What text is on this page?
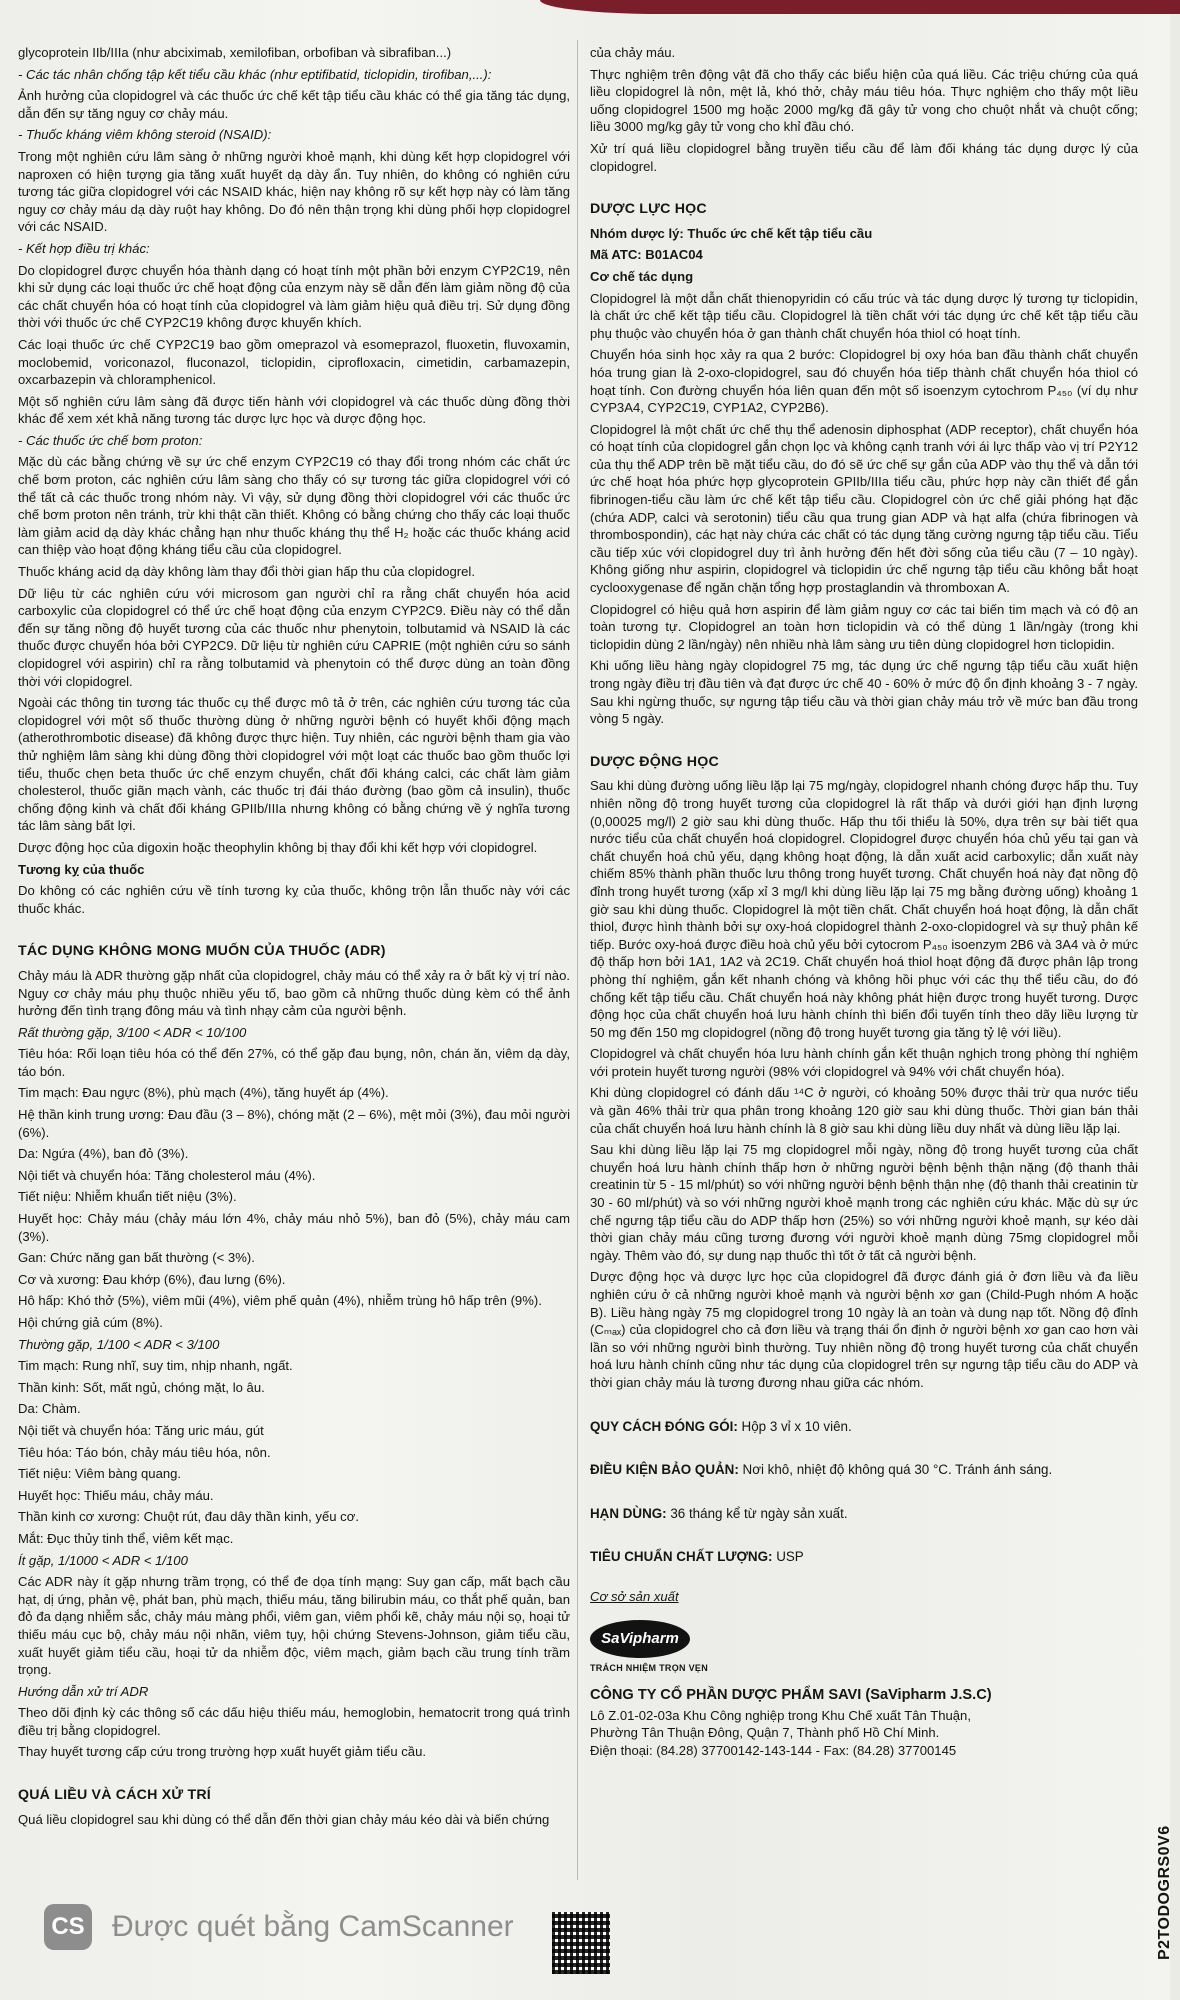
glycoprotein IIb/IIIa (như abciximab, xemilofiban, orbofiban và sibrafiban...)

- Các tác nhân chống tập kết tiểu cầu khác (như eptifibatid, ticlopidin, tirofiban,...):

Ảnh hưởng của clopidogrel và các thuốc ức chế kết tập tiểu cầu khác có thể gia tăng tác dụng, dẫn đến sự tăng nguy cơ chảy máu.

- Thuốc kháng viêm không steroid (NSAID):

Trong một nghiên cứu lâm sàng ở những người khoẻ mạnh, khi dùng kết hợp clopidogrel với naproxen có hiện tượng gia tăng xuất huyết dạ dày ẩn. Tuy nhiên, do không có nghiên cứu tương tác giữa clopidogrel với các NSAID khác, hiện nay không rõ sự kết hợp này có làm tăng nguy cơ chảy máu dạ dày ruột hay không. Do đó nên thận trọng khi dùng phối hợp clopidogrel với các NSAID.

- Kết hợp điều trị khác:

Do clopidogrel được chuyển hóa thành dạng có hoạt tính một phần bởi enzym CYP2C19, nên khi sử dụng các loại thuốc ức chế hoạt động của enzym này sẽ dẫn đến làm giảm nồng độ của các chất chuyển hóa có hoạt tính của clopidogrel và làm giảm hiệu quả điều trị. Sử dụng đồng thời với thuốc ức chế CYP2C19 không được khuyến khích.

Các loại thuốc ức chế CYP2C19 bao gồm omeprazol và esomeprazol, fluoxetin, fluvoxamin, moclobemid, voriconazol, fluconazol, ticlopidin, ciprofloxacin, cimetidin, carbamazepin, oxcarbazepin và chloramphenicol.

Một số nghiên cứu lâm sàng đã được tiến hành với clopidogrel và các thuốc dùng đồng thời khác để xem xét khả năng tương tác dược lực học và dược động học.

- Các thuốc ức chế bơm proton:

Mặc dù các bằng chứng về sự ức chế enzym CYP2C19 có thay đổi trong nhóm các chất ức chế bơm proton, các nghiên cứu lâm sàng cho thấy có sự tương tác giữa clopidogrel với có thể tất cả các thuốc trong nhóm này. Vì vậy, sử dụng đồng thời clopidogrel với các thuốc ức chế bơm proton nên tránh, trừ khi thật cần thiết. Không có bằng chứng cho thấy các loại thuốc làm giảm acid dạ dày khác chẳng hạn như thuốc kháng thụ thể H₂ hoặc các thuốc kháng acid can thiệp vào hoạt động kháng tiểu cầu của clopidogrel.

Thuốc kháng acid dạ dày không làm thay đổi thời gian hấp thu của clopidogrel.

Dữ liệu từ các nghiên cứu với microsom gan người chỉ ra rằng chất chuyển hóa acid carboxylic của clopidogrel có thể ức chế hoạt động của enzym CYP2C9. Điều này có thể dẫn đến sự tăng nồng độ huyết tương của các thuốc như phenytoin, tolbutamid và NSAID là các thuốc được chuyển hóa bởi CYP2C9. Dữ liệu từ nghiên cứu CAPRIE (một nghiên cứu so sánh clopidogrel với aspirin) chỉ ra rằng tolbutamid và phenytoin có thể được dùng an toàn đồng thời với clopidogrel.

Ngoài các thông tin tương tác thuốc cụ thể được mô tả ở trên, các nghiên cứu tương tác của clopidogrel với một số thuốc thường dùng ở những người bệnh có huyết khối động mạch (atherothrombotic disease) đã không được thực hiện. Tuy nhiên, các người bệnh tham gia vào thử nghiệm lâm sàng khi dùng đồng thời clopidogrel với một loạt các thuốc bao gồm thuốc lợi tiểu, thuốc chẹn beta thuốc ức chế enzym chuyển, chất đối kháng calci, các chất làm giảm cholesterol, thuốc giãn mạch vành, các thuốc trị đái tháo đường (bao gồm cả insulin), thuốc chống động kinh và chất đối kháng GPIIb/IIIa nhưng không có bằng chứng về ý nghĩa tương tác lâm sàng bất lợi.

Dược động học của digoxin hoặc theophylin không bị thay đổi khi kết hợp với clopidogrel.

Tương kỵ của thuốc

Do không có các nghiên cứu về tính tương kỵ của thuốc, không trộn lẫn thuốc này với các thuốc khác.

TÁC DỤNG KHÔNG MONG MUỐN CỦA THUỐC (ADR)

Chảy máu là ADR thường gặp nhất của clopidogrel, chảy máu có thể xảy ra ở bất kỳ vị trí nào. Nguy cơ chảy máu phụ thuộc nhiều yếu tố, bao gồm cả những thuốc dùng kèm có thể ảnh hưởng đến tình trạng đông máu và tình nhạy cảm của người bệnh.

Rất thường gặp, 3/100 < ADR < 10/100

Tiêu hóa: Rối loạn tiêu hóa có thể đến 27%, có thể gặp đau bụng, nôn, chán ăn, viêm dạ dày, táo bón.

Tim mạch: Đau ngực (8%), phù mạch (4%), tăng huyết áp (4%).

Hệ thần kinh trung ương: Đau đầu (3 – 8%), chóng mặt (2 – 6%), mệt mỏi (3%), đau mỏi người (6%).

Da: Ngứa (4%), ban đỏ (3%).

Nội tiết và chuyển hóa: Tăng cholesterol máu (4%).

Tiết niệu: Nhiễm khuẩn tiết niệu (3%).

Huyết học: Chảy máu (chảy máu lớn 4%, chảy máu nhỏ 5%), ban đỏ (5%), chảy máu cam (3%).

Gan: Chức năng gan bất thường (< 3%).

Cơ và xương: Đau khớp (6%), đau lưng (6%).

Hô hấp: Khó thở (5%), viêm mũi (4%), viêm phế quản (4%), nhiễm trùng hô hấp trên (9%).

Hội chứng giả cúm (8%).

Thường gặp, 1/100 < ADR < 3/100

Tim mạch: Rung nhĩ, suy tim, nhịp nhanh, ngất.

Thần kinh: Sốt, mất ngủ, chóng mặt, lo âu.

Da: Chàm.

Nội tiết và chuyển hóa: Tăng uric máu, gút

Tiêu hóa: Táo bón, chảy máu tiêu hóa, nôn.

Tiết niệu: Viêm bàng quang.

Huyết học: Thiếu máu, chảy máu.

Thần kinh cơ xương: Chuột rút, đau dây thần kinh, yếu cơ.

Mắt: Đục thủy tinh thể, viêm kết mạc.

Ít gặp, 1/1000 < ADR < 1/100

Các ADR này ít gặp nhưng trầm trọng, có thể đe dọa tính mạng: Suy gan cấp, mất bạch cầu hạt, dị ứng, phản vệ, phát ban, phù mạch, thiếu máu, tăng bilirubin máu, co thắt phế quản, ban đỏ đa dạng nhiễm sắc, chảy máu màng phổi, viêm gan, viêm phổi kẽ, chảy máu nội sọ, hoại tử thiếu máu cục bộ, chảy máu nội nhãn, viêm tụy, hội chứng Stevens-Johnson, giảm tiểu cầu, xuất huyết giảm tiểu cầu, hoại tử da nhiễm độc, viêm mạch, giảm bạch cầu trung tính trầm trọng.

Hướng dẫn xử trí ADR

Theo dõi định kỳ các thông số các dấu hiệu thiếu máu, hemoglobin, hematocrit trong quá trình điều trị bằng clopidogrel.

Thay huyết tương cấp cứu trong trường hợp xuất huyết giảm tiểu cầu.

QUÁ LIỀU VÀ CÁCH XỬ TRÍ

Quá liều clopidogrel sau khi dùng có thể dẫn đến thời gian chảy máu kéo dài và biến chứng

của chảy máu.

Thực nghiệm trên động vật đã cho thấy các biểu hiện của quá liều. Các triệu chứng của quá liều clopidogrel là nôn, mệt lả, khó thở, chảy máu tiêu hóa. Thực nghiệm cho thấy một liều uống clopidogrel 1500 mg hoặc 2000 mg/kg đã gây tử vong cho chuột nhắt và chuột cống; liều 3000 mg/kg gây tử vong cho khỉ đầu chó.

Xử trí quá liều clopidogrel bằng truyền tiểu cầu để làm đối kháng tác dụng dược lý của clopidogrel.

DƯỢC LỰC HỌC

Nhóm dược lý: Thuốc ức chế kết tập tiểu cầu

Mã ATC: B01AC04

Cơ chế tác dụng

Clopidogrel là một dẫn chất thienopyridin có cấu trúc và tác dụng dược lý tương tự ticlopidin, là chất ức chế kết tập tiểu cầu. Clopidogrel là tiền chất với tác dụng ức chế kết tập tiểu cầu phụ thuộc vào chuyển hóa ở gan thành chất chuyển hóa thiol có hoạt tính.

Chuyển hóa sinh học xảy ra qua 2 bước: Clopidogrel bị oxy hóa ban đầu thành chất chuyển hóa trung gian là 2-oxo-clopidogrel, sau đó chuyển hóa tiếp thành chất chuyển hóa thiol có hoạt tính. Con đường chuyển hóa liên quan đến một số isoenzym cytochrom P₄₅₀ (ví dụ như CYP3A4, CYP2C19, CYP1A2, CYP2B6).

Clopidogrel là một chất ức chế thụ thể adenosin diphosphat (ADP receptor), chất chuyển hóa có hoạt tính của clopidogrel gắn chọn lọc và không cạnh tranh với ái lực thấp vào vị trí P2Y12 của thụ thể ADP trên bề mặt tiểu cầu, do đó sẽ ức chế sự gắn của ADP vào thụ thể và dẫn tới ức chế hoạt hóa phức hợp glycoprotein GPIIb/IIIa tiểu cầu, phức hợp này cần thiết để gắn fibrinogen-tiểu cầu làm ức chế kết tập tiểu cầu. Clopidogrel còn ức chế giải phóng hạt đặc (chứa ADP, calci và serotonin) tiểu cầu qua trung gian ADP và hạt alfa (chứa fibrinogen và thrombospondin), các hạt này chứa các chất có tác dụng tăng cường ngưng tập tiểu cầu. Tiểu cầu tiếp xúc với clopidogrel duy trì ảnh hưởng đến hết đời sống của tiểu cầu (7 – 10 ngày). Không giống như aspirin, clopidogrel và ticlopidin ức chế ngưng tập tiểu cầu không bắt hoạt cyclooxygenase để ngăn chặn tổng hợp prostaglandin và thromboxan A.

Clopidogrel có hiệu quả hơn aspirin để làm giảm nguy cơ các tai biến tim mạch và có độ an toàn tương tự. Clopidogrel an toàn hơn ticlopidin và có thể dùng 1 lần/ngày (trong khi ticlopidin dùng 2 lần/ngày) nên nhiều nhà lâm sàng ưu tiên dùng clopidogrel hơn ticlopidin.

Khi uống liều hàng ngày clopidogrel 75 mg, tác dụng ức chế ngưng tập tiểu cầu xuất hiện trong ngày điều trị đầu tiên và đạt được ức chế 40 - 60% ở mức độ ổn định khoảng 3 - 7 ngày. Sau khi ngừng thuốc, sự ngưng tập tiểu cầu và thời gian chảy máu trở về mức ban đầu trong vòng 5 ngày.

DƯỢC ĐỘNG HỌC

Sau khi dùng đường uống liều lặp lại 75 mg/ngày, clopidogrel nhanh chóng được hấp thu. Tuy nhiên nồng độ trong huyết tương của clopidogrel là rất thấp và dưới giới hạn định lượng (0,00025 mg/l) 2 giờ sau khi dùng thuốc. Hấp thu tối thiểu là 50%, dựa trên sự bài tiết qua nước tiểu của chất chuyển hoá clopidogrel. Clopidogrel được chuyển hóa chủ yếu tại gan và chất chuyển hoá chủ yếu, dạng không hoạt động, là dẫn xuất acid carboxylic; dẫn xuất này chiếm 85% thành phần thuốc lưu thông trong huyết tương. Chất chuyển hoá này đạt nồng độ đỉnh trong huyết tương (xấp xỉ 3 mg/l khi dùng liều lặp lại 75 mg bằng đường uống) khoảng 1 giờ sau khi dùng thuốc. Clopidogrel là một tiền chất. Chất chuyển hoá hoạt động, là dẫn chất thiol, được hình thành bởi sự oxy-hoá clopidogrel thành 2-oxo-clopidogrel và sự thuỷ phân kế tiếp. Bước oxy-hoá được điều hoà chủ yếu bởi cytocrom P₄₅₀ isoenzym 2B6 và 3A4 và ở mức độ thấp hơn bởi 1A1, 1A2 và 2C19. Chất chuyển hoá thiol hoạt động đã được phân lập trong phòng thí nghiệm, gắn kết nhanh chóng và không hồi phục với các thụ thể tiểu cầu, do đó chống kết tập tiểu cầu. Chất chuyển hoá này không phát hiện được trong huyết tương. Dược động học của chất chuyển hoá lưu hành chính thì biến đổi tuyến tính theo dãy liều lượng từ 50 mg đến 150 mg clopidogrel (nồng độ trong huyết tương gia tăng tỷ lệ với liều).

Clopidogrel và chất chuyển hóa lưu hành chính gắn kết thuận nghịch trong phòng thí nghiệm với protein huyết tương người (98% với clopidogrel và 94% với chất chuyển hóa).

Khi dùng clopidogrel có đánh dấu ¹⁴C ở người, có khoảng 50% được thải trừ qua nước tiểu và gần 46% thải trừ qua phân trong khoảng 120 giờ sau khi dùng thuốc. Thời gian bán thải của chất chuyển hoá lưu hành chính là 8 giờ sau khi dùng liều duy nhất và dùng liều lặp lại.

Sau khi dùng liều lặp lại 75 mg clopidogrel mỗi ngày, nồng độ trong huyết tương của chất chuyển hoá lưu hành chính thấp hơn ở những người bệnh bệnh thận nặng (độ thanh thải creatinin từ 5 - 15 ml/phút) so với những người bệnh bệnh thận nhẹ (độ thanh thải creatinin từ 30 - 60 ml/phút) và so với những người khoẻ mạnh trong các nghiên cứu khác. Mặc dù sự ức chế ngưng tập tiểu cầu do ADP thấp hơn (25%) so với những người khoẻ mạnh, sự kéo dài thời gian chảy máu cũng tương đương với người khoẻ mạnh dùng 75mg clopidogrel mỗi ngày. Thêm vào đó, sự dung nạp thuốc thì tốt ở tất cả người bệnh.

Dược động học và dược lực học của clopidogrel đã được đánh giá ở đơn liều và đa liều nghiên cứu ở cả những người khoẻ mạnh và người bệnh xơ gan (Child-Pugh nhóm A hoặc B). Liều hàng ngày 75 mg clopidogrel trong 10 ngày là an toàn và dung nạp tốt. Nồng độ đỉnh (Cₘₐₓ) của clopidogrel cho cả đơn liều và trạng thái ổn định ở người bệnh xơ gan cao hơn vài lần so với những người bình thường. Tuy nhiên nồng độ trong huyết tương của chất chuyển hoá lưu hành chính cũng như tác dụng của clopidogrel trên sự ngưng tập tiểu cầu do ADP và thời gian chảy máu là tương đương nhau giữa các nhóm.

QUY CÁCH ĐÓNG GÓI: Hộp 3 vỉ x 10 viên.

ĐIỀU KIỆN BẢO QUẢN: Nơi khô, nhiệt độ không quá 30 °C. Tránh ánh sáng.

HẠN DÙNG: 36 tháng kể từ ngày sản xuất.

TIÊU CHUẨN CHẤT LƯỢNG: USP

Cơ sở sản xuất

SaVipharm
TRÁCH NHIỆM TRỌN VẸN
CÔNG TY CỔ PHẦN DƯỢC PHẨM SAVI (SaVipharm J.S.C)

Lô Z.01-02-03a Khu Công nghiệp trong Khu Chế xuất Tân Thuận,

Phường Tân Thuận Đông, Quận 7, Thành phố Hồ Chí Minh.

Điện thoại: (84.28) 37700142-143-144 - Fax: (84.28) 37700145

P2TODOGRS0V6
CS Được quét bằng CamScanner
